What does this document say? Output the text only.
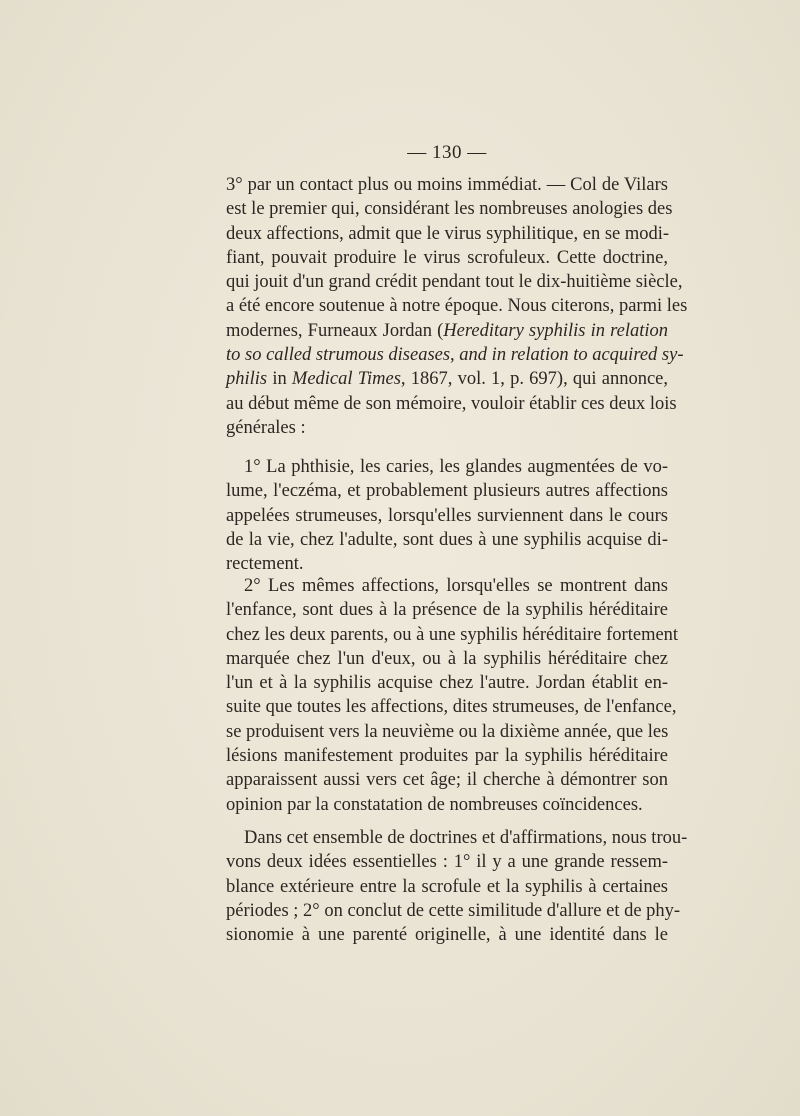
— 130 —
3° par un contact plus ou moins immédiat. — Col de Vilars
est le premier qui, considérant les nombreuses anologies des
deux affections, admit que le virus syphilitique, en se modi-
fiant, pouvait produire le virus scrofuleux. Cette doctrine,
qui jouit d'un grand crédit pendant tout le dix-huitième siècle,
a été encore soutenue à notre époque. Nous citerons, parmi les
modernes, Furneaux Jordan (Hereditary syphilis in relation
to so called strumous diseases, and in relation to acquired sy-
philis in Medical Times, 1867, vol. 1, p. 697), qui annonce,
au début même de son mémoire, vouloir établir ces deux lois
générales :
1° La phthisie, les caries, les glandes augmentées de vo-
lume, l'eczéma, et probablement plusieurs autres affections
appelées strumeuses, lorsqu'elles surviennent dans le cours
de la vie, chez l'adulte, sont dues à une syphilis acquise di-
rectement.
2° Les mêmes affections, lorsqu'elles se montrent dans
l'enfance, sont dues à la présence de la syphilis héréditaire
chez les deux parents, ou à une syphilis héréditaire fortement
marquée chez l'un d'eux, ou à la syphilis héréditaire chez
l'un et à la syphilis acquise chez l'autre. Jordan établit en-
suite que toutes les affections, dites strumeuses, de l'enfance,
se produisent vers la neuvième ou la dixième année, que les
lésions manifestement produites par la syphilis héréditaire
apparaissent aussi vers cet âge; il cherche à démontrer son
opinion par la constatation de nombreuses coïncidences.
Dans cet ensemble de doctrines et d'affirmations, nous trou-
vons deux idées essentielles : 1° il y a une grande ressem-
blance extérieure entre la scrofule et la syphilis à certaines
périodes ; 2° on conclut de cette similitude d'allure et de phy-
sionomie à une parenté originelle, à une identité dans le
